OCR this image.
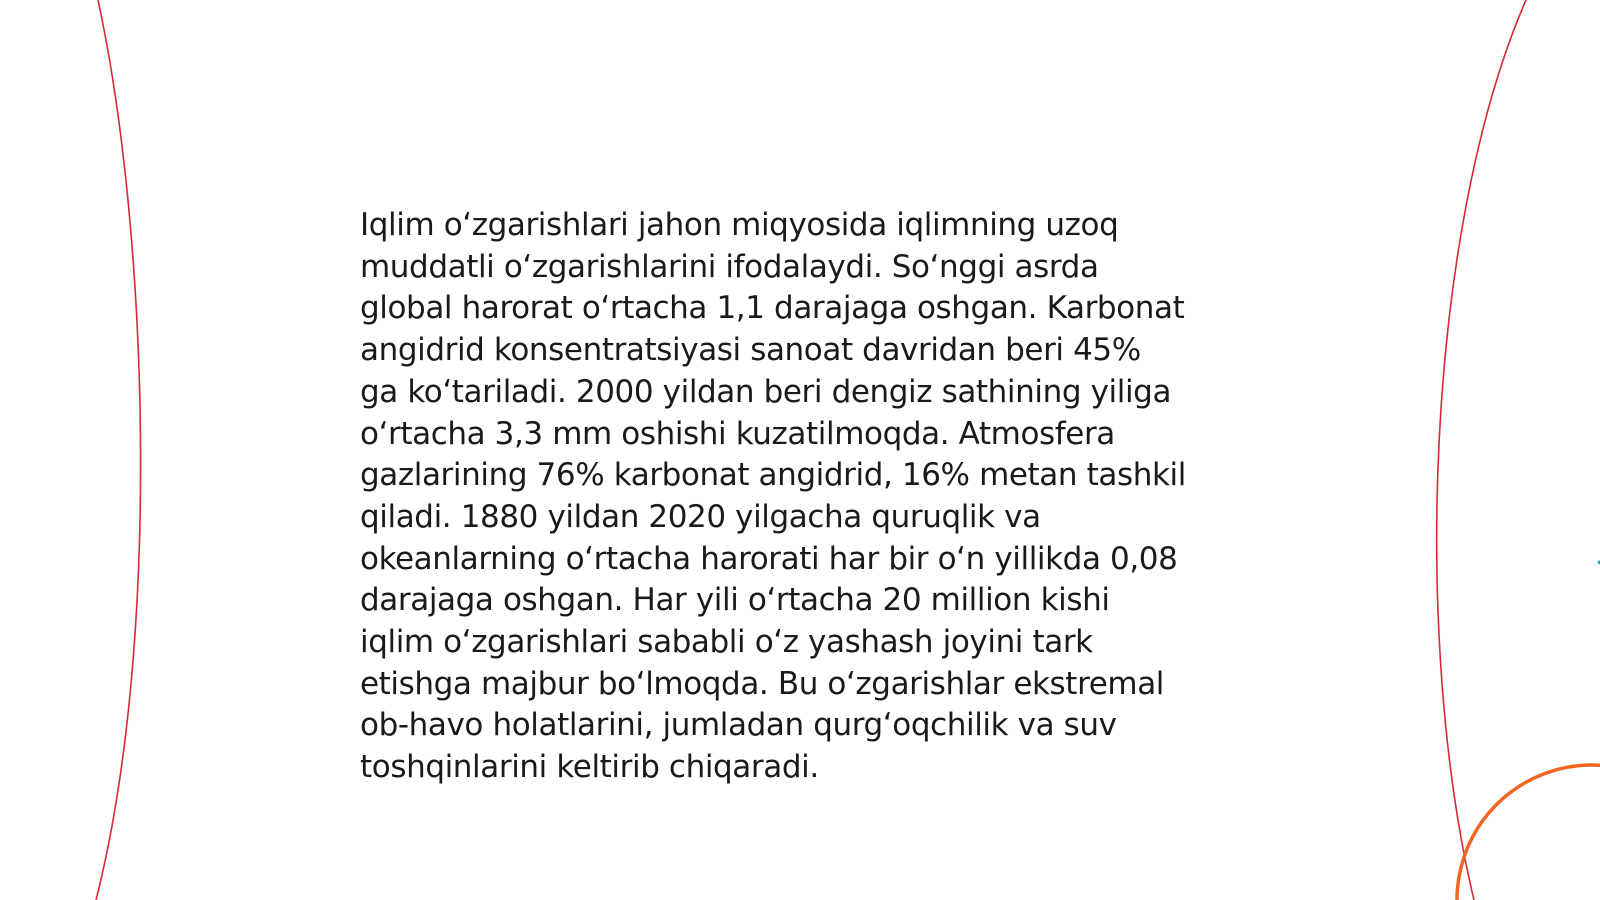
Iqlim oʻzgarishlari jahon miqyosida iqlimning uzoq
muddatli oʻzgarishlarini ifodalaydi. Soʻnggi asrda
global harorat oʻrtacha 1,1 darajaga oshgan. Karbonat
angidrid konsentratsiyasi sanoat davridan beri 45%
ga koʻtariladi. 2000 yildan beri dengiz sathining yiliga
oʻrtacha 3,3 mm oshishi kuzatilmoqda. Atmosfera
gazlarining 76% karbonat angidrid, 16% metan tashkil
qiladi. 1880 yildan 2020 yilgacha quruqlik va
okeanlarning oʻrtacha harorati har bir oʻn yillikda 0,08
darajaga oshgan. Har yili oʻrtacha 20 million kishi
iqlim oʻzgarishlari sababli oʻz yashash joyini tark
etishga majbur boʻlmoqda. Bu oʻzgarishlar ekstremal
ob-havo holatlarini, jumladan qurgʻoqchilik va suv
toshqinlarini keltirib chiqaradi.
